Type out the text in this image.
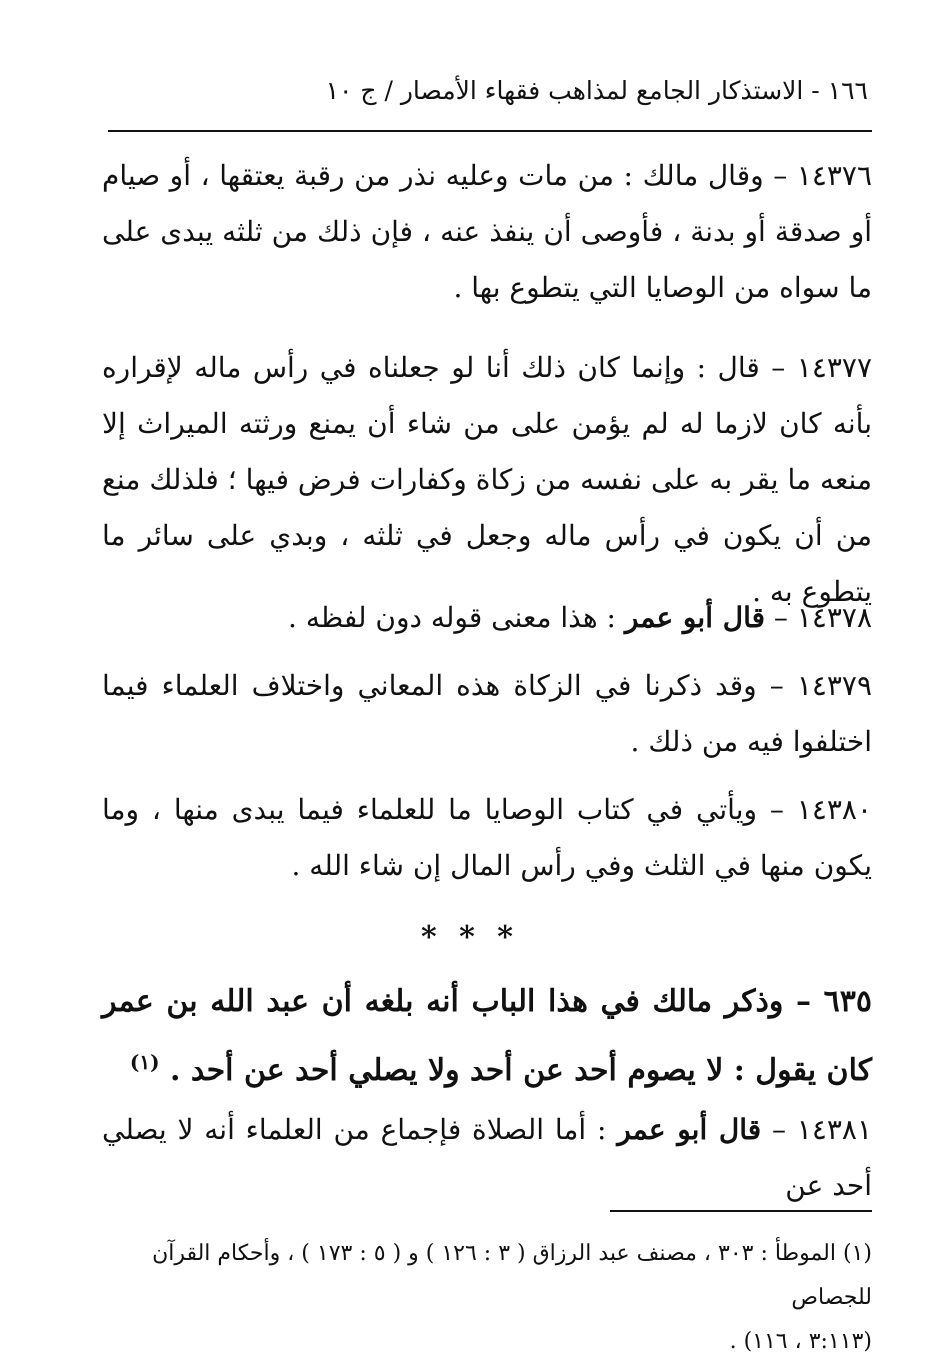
١٦٦ - الاستذكار الجامع لمذاهب فقهاء الأمصار / ج ١٠
١٤٣٧٦ – وقال مالك : من مات وعليه نذر من رقبة يعتقها ، أو صيام أو صدقة أو بدنة ، فأوصى أن ينفذ عنه ، فإن ذلك من ثلثه يبدى على ما سواه من الوصايا التي يتطوع بها .
١٤٣٧٧ – قال : وإنما كان ذلك أنا لو جعلناه في رأس ماله لإقراره بأنه كان لازما له لم يؤمن على من شاء أن يمنع ورثته الميراث إلا منعه ما يقر به على نفسه من زكاة وكفارات فرض فيها ؛ فلذلك منع من أن يكون في رأس ماله وجعل في ثلثه ، وبدي على سائر ما يتطوع به .
١٤٣٧٨ – قال أبو عمر : هذا معنى قوله دون لفظه .
١٤٣٧٩ – وقد ذكرنا في الزكاة هذه المعاني واختلاف العلماء فيما اختلفوا فيه من ذلك .
١٤٣٨٠ – ويأتي في كتاب الوصايا ما للعلماء فيما يبدى منها ، وما يكون منها في الثلث وفي رأس المال إن شاء الله .
* * *
٦٣٥ – وذكر مالك في هذا الباب أنه بلغه أن عبد الله بن عمر كان يقول : لا يصوم أحد عن أحد ولا يصلي أحد عن أحد . $^{(١)}$
١٤٣٨١ – قال أبو عمر : أما الصلاة فإجماع من العلماء أنه لا يصلي أحد عن
(١) الموطأ : ٣٠٣ ، مصنف عبد الرزاق ( ٣ : ١٢٦ ) و ( ٥ : ١٧٣ ) ، وأحكام القرآن للجصاص
(٣:١١٣ ، ١١٦) .
